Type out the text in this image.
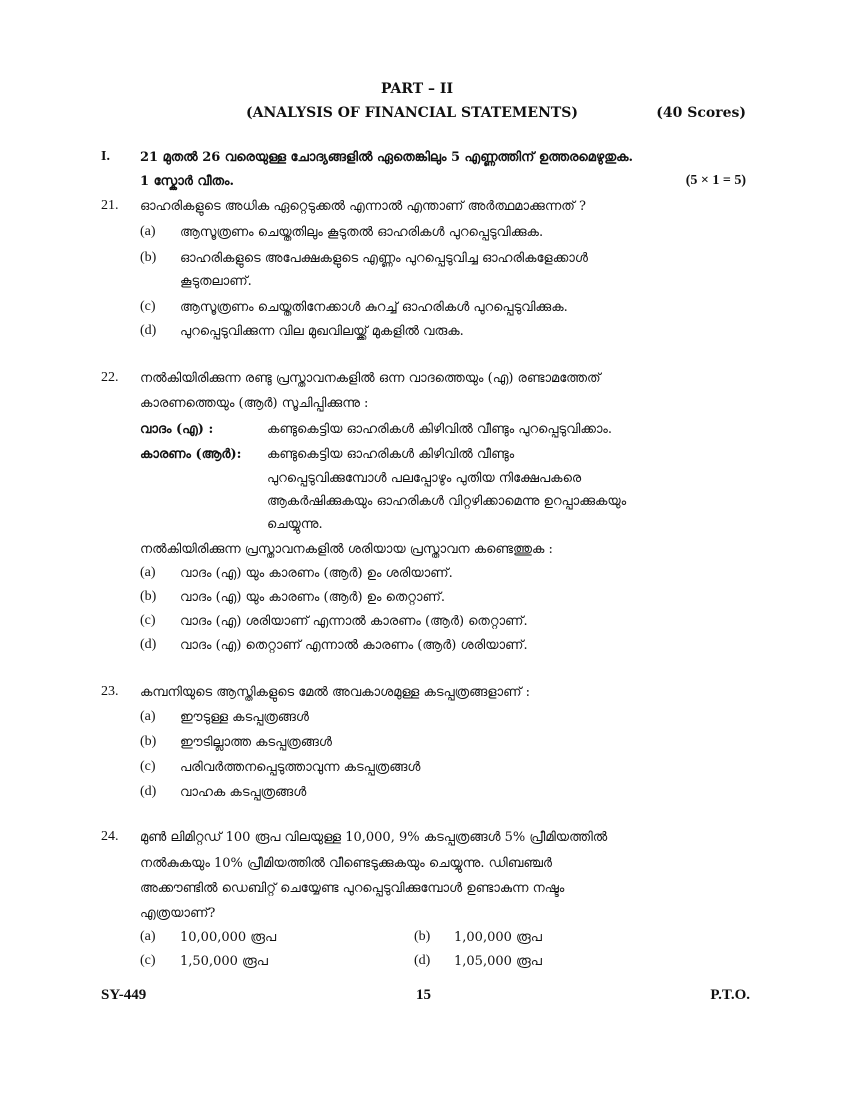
PART – II
(ANALYSIS OF FINANCIAL STATEMENTS)	(40 Scores)
I. 21 മുതൽ 26 വരെയുള്ള ചോദ്യങ്ങളിൽ ഏതെങ്കിലും 5 എണ്ണത്തിന് ഉത്തരമെഴുതുക.
1 സ്കോർ വീതം.	(5 × 1 = 5)
21. ഓഹരികളുടെ അധിക ഏറ്റെടുക്കൽ എന്നാൽ എന്താണ് അർത്ഥമാക്കുന്നത് ?
(a) ആസൂത്രണം ചെയ്തതിലും കൂടുതൽ ഓഹരികൾ പുറപ്പെടുവിക്കുക.
(b) ഓഹരികളുടെ അപേക്ഷകളുടെ എണ്ണം പുറപ്പെടുവിച്ച ഓഹരികളേക്കാൾ
കൂടുതലാണ്.
(c) ആസൂത്രണം ചെയ്തതിനേക്കാൾ കുറച്ച് ഓഹരികൾ പുറപ്പെടുവിക്കുക.
(d) പുറപ്പെടുവിക്കുന്ന വില മുഖവിലയ്ക്ക് മുകളിൽ വരുക.
22. നൽകിയിരിക്കുന്ന രണ്ടു പ്രസ്താവനകളിൽ ഒന്ന വാദത്തെയും (എ) രണ്ടാമത്തേത്
കാരണത്തെയും (ആർ) സൂചിപ്പിക്കുന്നു :
വാദം (എ) :	കണ്ടുകെട്ടിയ ഓഹരികൾ കിഴിവിൽ വീണ്ടും പുറപ്പെടുവിക്കാം.
കാരണം (ആർ): കണ്ടുകെട്ടിയ ഓഹരികൾ കിഴിവിൽ വീണ്ടും
പുറപ്പെടുവിക്കുമ്പോൾ പലപ്പോഴും പുതിയ നിക്ഷേപകരെ
ആകർഷിക്കുകയും ഓഹരികൾ വിറ്റഴിക്കാമെന്നു ഉറപ്പാക്കുകയും
ചെയ്യുന്നു.
നൽകിയിരിക്കുന്ന പ്രസ്താവനകളിൽ ശരിയായ പ്രസ്താവന കണ്ടെത്തുക :
(a) വാദം (എ) യും കാരണം (ആർ) ഉം ശരിയാണ്.
(b) വാദം (എ) യും കാരണം (ആർ) ഉം തെറ്റാണ്.
(c) വാദം (എ) ശരിയാണ് എന്നാൽ കാരണം (ആർ) തെറ്റാണ്.
(d) വാദം (എ) തെറ്റാണ് എന്നാൽ കാരണം (ആർ) ശരിയാണ്.
23. കമ്പനിയുടെ ആസ്തികളുടെ മേൽ അവകാശമുള്ള കടപ്പത്രങ്ങളാണ് :
(a) ഈടുള്ള കടപ്പത്രങ്ങൾ
(b) ഈടില്ലാത്ത കടപ്പത്രങ്ങൾ
(c) പരിവർത്തനപ്പെടുത്താവുന്ന കടപ്പത്രങ്ങൾ
(d) വാഹക കടപ്പത്രങ്ങൾ
24. മുൺ ലിമിറ്റഡ് 100 രൂപ വിലയുള്ള 10,000, 9% കടപ്പത്രങ്ങൾ 5% പ്രീമിയത്തിൽ
നൽകുകയും 10% പ്രീമിയത്തിൽ വീണ്ടെടുക്കുകയും ചെയ്യുന്നു. ഡിബഞ്ചർ
അക്കൗണ്ടിൽ ഡെബിറ്റ് ചെയ്യേണ്ട പുറപ്പെടുവിക്കുമ്പോൾ ഉണ്ടാകുന്ന നഷ്ടം
എത്രയാണ്?
(a) 10,00,000 രൂപ	(b) 1,00,000 രൂപ
(c) 1,50,000 രൂപ	(d) 1,05,000 രൂപ
SY-449	15	P.T.O.
